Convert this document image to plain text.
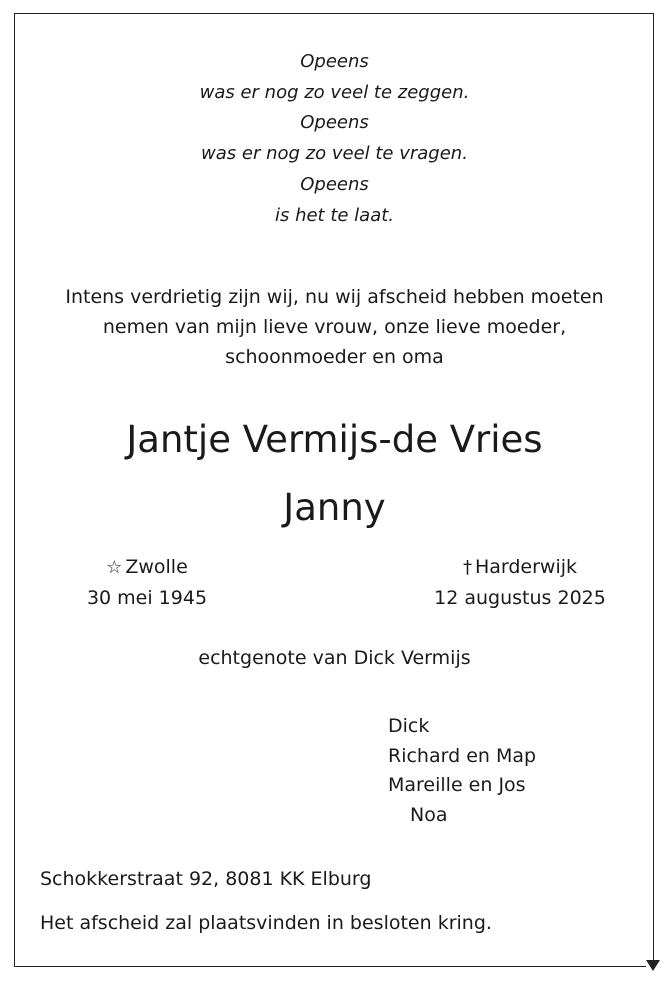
Opeens
was er nog zo veel te zeggen.
Opeens
was er nog zo veel te vragen.
Opeens
is het te laat.
Intens verdrietig zijn wij, nu wij afscheid hebben moeten
nemen van mijn lieve vrouw, onze lieve moeder,
schoonmoeder en oma
Jantje Vermijs-de Vries
Janny
☆ Zwolle
30 mei 1945
† Harderwijk
12 augustus 2025
echtgenote van Dick Vermijs
Dick
Richard en Map
Mareille en Jos
Noa
Schokkerstraat 92, 8081 KK Elburg
Het afscheid zal plaatsvinden in besloten kring.
